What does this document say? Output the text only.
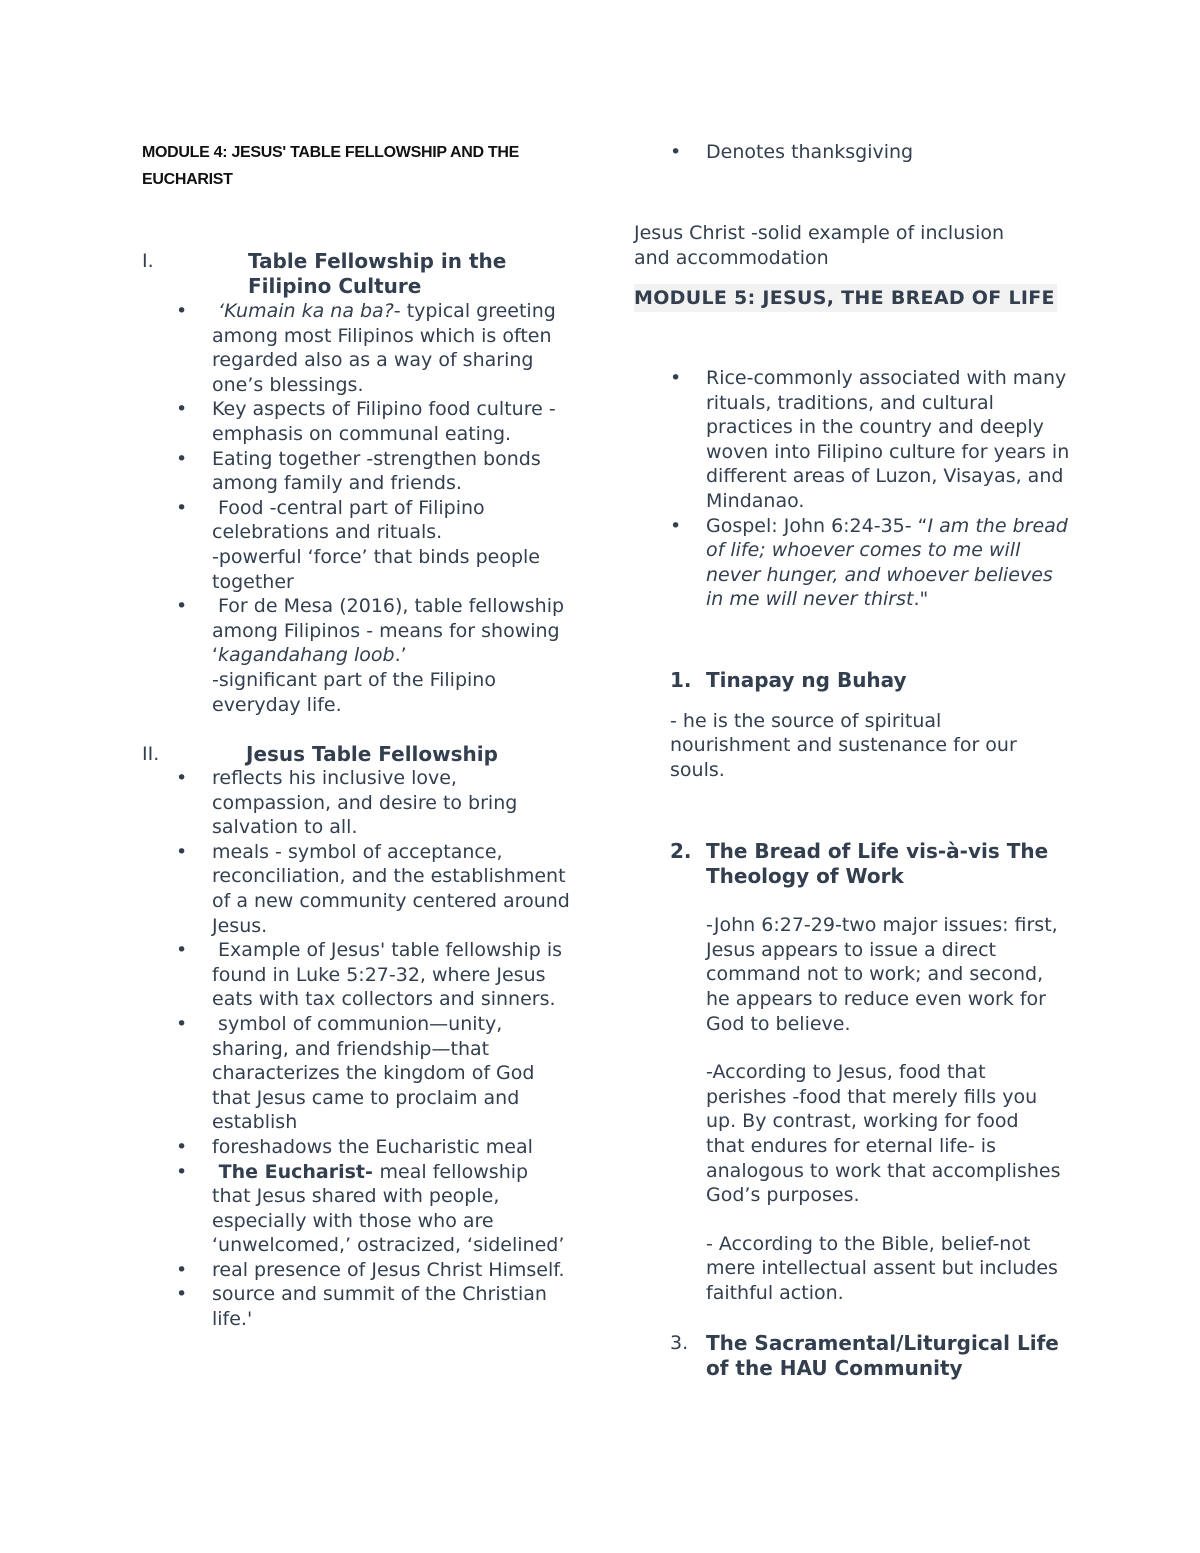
MODULE 4: JESUS' TABLE FELLOWSHIP AND THE EUCHARIST
I.	Table Fellowship in the Filipino Culture
• ‘Kumain ka na ba?- typical greeting among most Filipinos which is often regarded also as a way of sharing one’s blessings.
• Key aspects of Filipino food culture -emphasis on communal eating.
• Eating together -strengthen bonds among family and friends.
• Food -central part of Filipino celebrations and rituals.
-powerful ‘force’ that binds people together
• For de Mesa (2016), table fellowship among Filipinos - means for showing ‘kagandahang loob.’
-significant part of the Filipino everyday life.
II.	Jesus Table Fellowship
• reflects his inclusive love, compassion, and desire to bring salvation to all.
• meals - symbol of acceptance, reconciliation, and the establishment of a new community centered around Jesus.
• Example of Jesus' table fellowship is found in Luke 5:27-32, where Jesus eats with tax collectors and sinners.
• symbol of communion—unity, sharing, and friendship—that characterizes the kingdom of God that Jesus came to proclaim and establish
• foreshadows the Eucharistic meal
• The Eucharist- meal fellowship that Jesus shared with people, especially with those who are ‘unwelcomed,’ ostracized, ‘sidelined’
• real presence of Jesus Christ Himself.
• source and summit of the Christian life.'
• Denotes thanksgiving
Jesus Christ -solid example of inclusion and accommodation
MODULE 5: JESUS, THE BREAD OF LIFE
• Rice-commonly associated with many rituals, traditions, and cultural practices in the country and deeply woven into Filipino culture for years in different areas of Luzon, Visayas, and Mindanao.
• Gospel: John 6:24-35- “I am the bread of life; whoever comes to me will never hunger, and whoever believes in me will never thirst."
1. Tinapay ng Buhay
- he is the source of spiritual nourishment and sustenance for our souls.
2. The Bread of Life vis-à-vis The Theology of Work
-John 6:27-29-two major issues: first, Jesus appears to issue a direct command not to work; and second, he appears to reduce even work for God to believe.
-According to Jesus, food that perishes -food that merely fills you up. By contrast, working for food that endures for eternal life- is analogous to work that accomplishes God’s purposes.
- According to the Bible, belief-not mere intellectual assent but includes faithful action.
3. The Sacramental/Liturgical Life of the HAU Community
